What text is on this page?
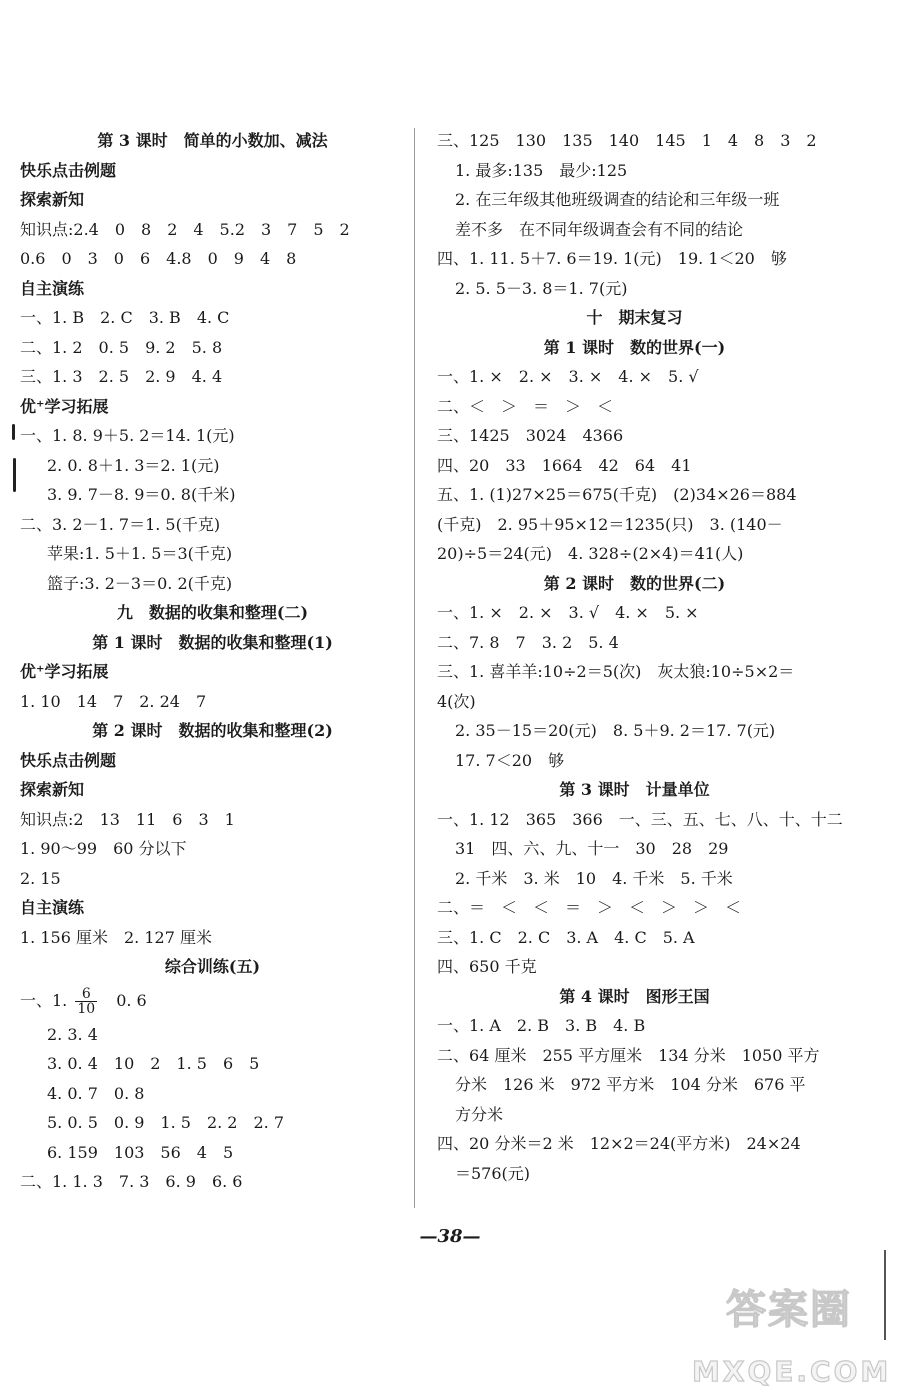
第 3 课时　简单的小数加、减法
快乐点击例题
探索新知
知识点:2.4　0　8　2　4　5.2　3　7　5　2
0.6　0　3　0　6　4.8　0　9　4　8
自主演练
一、1. B　2. C　3. B　4. C
二、1. 2　0. 5　9. 2　5. 8
三、1. 3　2. 5　2. 9　4. 4
优⁺学习拓展
一、1. 8. 9＋5. 2＝14. 1(元)
2. 0. 8＋1. 3＝2. 1(元)
3. 9. 7－8. 9＝0. 8(千米)
二、3. 2－1. 7＝1. 5(千克)
苹果:1. 5＋1. 5＝3(千克)
篮子:3. 2－3＝0. 2(千克)
九　数据的收集和整理(二)
第 1 课时　数据的收集和整理(1)
优⁺学习拓展
1. 10　14　7　2. 24　7
第 2 课时　数据的收集和整理(2)
快乐点击例题
探索新知
知识点:2　13　11　6　3　1
1. 90～99　60 分以下
2. 15
自主演练
1. 156 厘米　2. 127 厘米
综合训练(五)
一、1. $\frac{6}{10}$ 　0. 6
2. 3. 4
3. 0. 4　10　2　1. 5　6　5
4. 0. 7　0. 8
5. 0. 5　0. 9　1. 5　2. 2　2. 7
6. 159　103　56　4　5
二、1. 1. 3　7. 3　6. 9　6. 6
三、125　130　135　140　145　1　4　8　3　2
1. 最多:135　最少:125
2. 在三年级其他班级调查的结论和三年级一班
差不多　在不同年级调查会有不同的结论
四、1. 11. 5＋7. 6＝19. 1(元)　19. 1＜20　够
2. 5. 5－3. 8＝1. 7(元)
十　期末复习
第 1 课时　数的世界(一)
一、1. ×　2. ×　3. ×　4. ×　5. √
二、＜　＞　＝　＞　＜
三、1425　3024　4366
四、20　33　1664　42　64　41
五、1. (1)27×25＝675(千克)　(2)34×26＝884
(千克)　2. 95＋95×12＝1235(只)　3. (140－
20)÷5＝24(元)　4. 328÷(2×4)＝41(人)
第 2 课时　数的世界(二)
一、1. ×　2. ×　3. √　4. ×　5. ×
二、7. 8　7　3. 2　5. 4
三、1. 喜羊羊:10÷2＝5(次)　灰太狼:10÷5×2＝
4(次)
2. 35－15＝20(元)　8. 5＋9. 2＝17. 7(元)
17. 7＜20　够
第 3 课时　计量单位
一、1. 12　365　366　一、三、五、七、八、十、十二
31　四、六、九、十一　30　28　29
2. 千米　3. 米　10　4. 千米　5. 千米
二、＝　＜　＜　＝　＞　＜　＞　＞　＜
三、1. C　2. C　3. A　4. C　5. A
四、650 千克
第 4 课时　图形王国
一、1. A　2. B　3. B　4. B
二、64 厘米　255 平方厘米　134 分米　1050 平方
分米　126 米　972 平方米　104 分米　676 平
方分米
四、20 分米＝2 米　12×2＝24(平方米)　24×24
＝576(元)
—38—
答案圈
MXQE.COM
